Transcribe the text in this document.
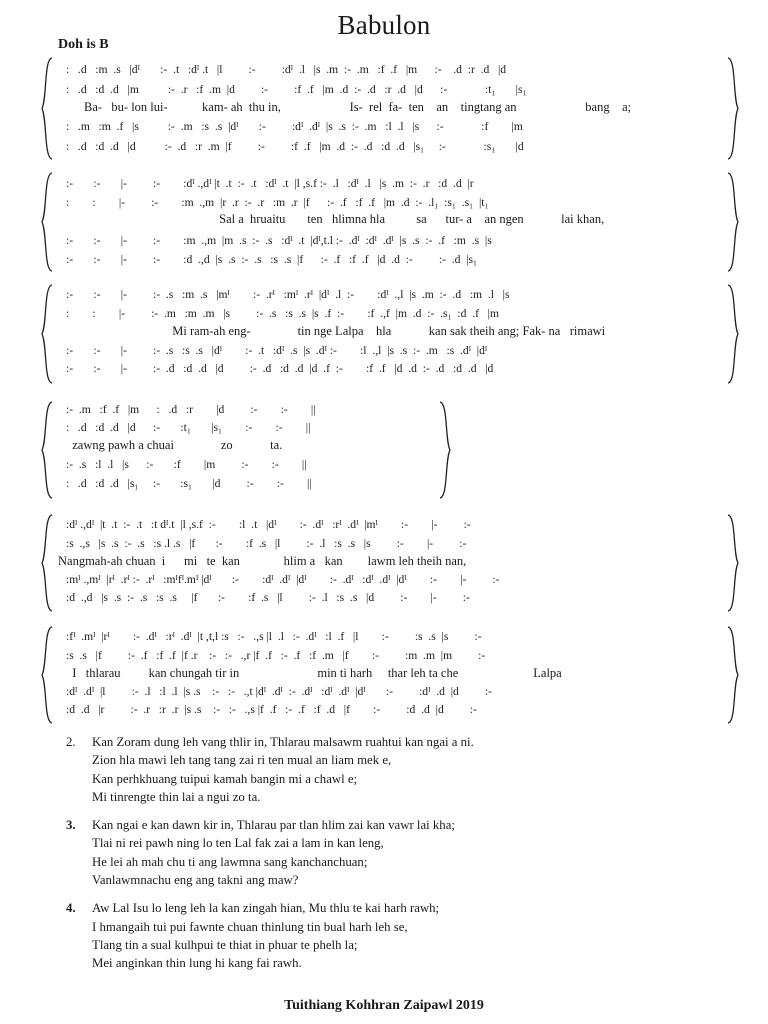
Babulon
Doh is B
:   .d   :m  .s   |dᴵ       :-  .t   :dᴵ .t   |l         :-         :dᴵ  .l   |s  .m  :-  .m   :f  .f   |m      :-    .d  :r  .d   |d
:   .d   :d  .d   |m          :-  .r   :f  .m  |d         :-         :f  .f   |m  .d  :-  .d   :r  .d   |d      :-             :t₁       |s₁
Ba-   bu- lon lui-           kam- ah  thu in,                      Is-  rel  fa-  ten    an    tingtang an                      bang    a;
:   .m   :m  .f   |s          :-  .m   :s  .s  |dᴵ       :-         :dᴵ  .dᴵ  |s  .s  :-  .m   :l  .l   |s      :-             :f        |m
:   .d   :d  .d   |d          :-  .d   :r  .m  |f         :-         :f  .f   |m  .d  :-  .d   :d  .d   |s₁     :-             :s₁       |d
:-       :-       |-         :-        :dᴵ .,dᴵ |t  .t  :-  .t   :dᴵ  .t  |l ,s.f :-  .l   :dᴵ  .l   |s  .m  :-  .r   :d  .d  |r
:        :        |-         :-        :m  .,m  |r  .r  :-  .r   :m  .r  |f      :-  .f   :f  .f   |m  .d  :-  .l₁  :s₁  .s₁  |t₁
Sal a  hruaitu       ten   hlimna hla          sa      tur- a    an ngen            lai khan,
:-       :-       |-         :-        :m  .,m  |m  .s  :-  .s   :dᴵ  .t  |dᴵ,t.l :-  .dᴵ  :dᴵ  .dᴵ  |s  .s  :-  .f   :m  .s  |s
:-       :-       |-         :-        :d  .,d  |s  .s  :-  .s   :s  .s  |f      :-  .f   :f  .f   |d  .d  :-         :-  .d  |s₁
:-       :-       |-         :-  .s   :m  .s   |mᴵ        :-  .rᴵ   :mᴵ  .rᴵ  |dᴵ  .l  :-        :dᴵ  .,l  |s  .m  :-  .d   :m  .l   |s
:        :        |-         :-  .m   :m  .m   |s         :-  .s   :s  .s  |s  .f  :-        :f  .,f  |m  .d  :-  .s₁  :d  .f   |m
Mi ram-ah eng-               tin nge Lalpa    hla            kan sak theih ang; Fak- na   rimawi
:-       :-       |-         :-  .s   :s  .s   |dᴵ        :-  .t   :dᴵ  .s  |s  .dᴵ :-        :l  .,l  |s  .s  :-  .m   :s  .dᴵ  |dᴵ
:-       :-       |-         :-  .d   :d  .d   |d         :-  .d   :d  .d  |d  .f  :-        :f  .f   |d  .d  :-  .d   :d  .d   |d
:-  .m   :f  .f   |m      :   .d   :r        |d         :-        :-        ||
:   .d   :d  .d   |d      :-       :t₁       |s₁        :-        :-        ||
zawng pawh a chuai               zo            ta.
:-  .s   :l  .l   |s      :-       :f        |m         :-        :-        ||
:   .d   :d  .d   |s₁     :-       :s₁       |d         :-        :-        ||
:dᴵ .,dᴵ  |t  .t  :-  .t   :t dᴵ.t  |l ,s.f  :-        :l  .t   |dᴵ        :-  .dᴵ   :rᴵ  .dᴵ  |mᴵ        :-        |-         :-
:s  .,s   |s  .s  :-  .s   :s .l .s   |f       :-        :f  .s   |l         :-  .l   :s  .s   |s         :-        |-         :-
Nangmah-ah chuan  i      mi   te  kan              hlim a   kan        lawm leh theih nan,
:mᴵ .,mᴵ  |rᴵ  .rᴵ :-  .rᴵ   :mᴵfᴵ.mᴵ |dᴵ       :-        :dᴵ  .dᴵ  |dᴵ        :-  .dᴵ   :dᴵ  .dᴵ  |dᴵ        :-        |-         :-
:d  .,d   |s  .s  :-  .s   :s  .s     |f       :-        :f  .s   |l         :-  .l   :s  .s   |d         :-        |-         :-
:fᴵ  .mᴵ  |rᴵ        :-  .dᴵ   :rᴵ  .dᴵ  |t ,t,l :s   :-   .,s |l  .l   :-  .dᴵ   :l  .f   |l        :-         :s  .s  |s         :-
:s  .s   |f         :-  .f   :f  .f  |f .r    :-   :-   .,r |f  .f   :-  .f   :f  .m   |f        :-         :m  .m  |m         :-
I   thlarau         kan chungah tir in                         min ti harh     thar leh ta che                        Lalpa
:dᴵ  .dᴵ  |l         :-  .l   :l  .l  |s .s    :-   :-   .,t |dᴵ  .dᴵ  :-  .dᴵ   :dᴵ  .dᴵ  |dᴵ       :-         :dᴵ  .d  |d         :-
:d  .d   |r         :-  .r   :r  .r  |s .s    :-   :-   .,s |f  .f   :-  .f   :f  .d   |f        :-         :d  .d  |d         :-
2. Kan Zoram dung leh vang thlir in, Thlarau malsawm ruahtui kan ngai a ni.
Zion hla mawi leh tang tang zai ri ten mual an liam mek e,
Kan perhkhuang tuipui kamah bangin mi a chawl e;
Mi tinrengte thin lai a ngui zo ta.
3. Kan ngai e kan dawn kir in, Thlarau par tlan hlim zai kan vawr lai kha;
Tlai ni rei pawh ning lo ten Lal fak zai a lam in kan leng,
He lei ah mah chu ti ang lawmna sang kanchanchuan;
Vanlawmnachu eng ang takni ang maw?
4. Aw Lal Isu lo leng leh la kan zingah hian, Mu thlu te kai harh rawh;
I hmangaih tui pui fawnte chuan thinlung tin bual harh leh se,
Tlang tin a sual kulhpui te thiat in phuar te phelh la;
Mei anginkan thin lung hi kang fai rawh.
Tuithiang Kohhran Zaipawl 2019
